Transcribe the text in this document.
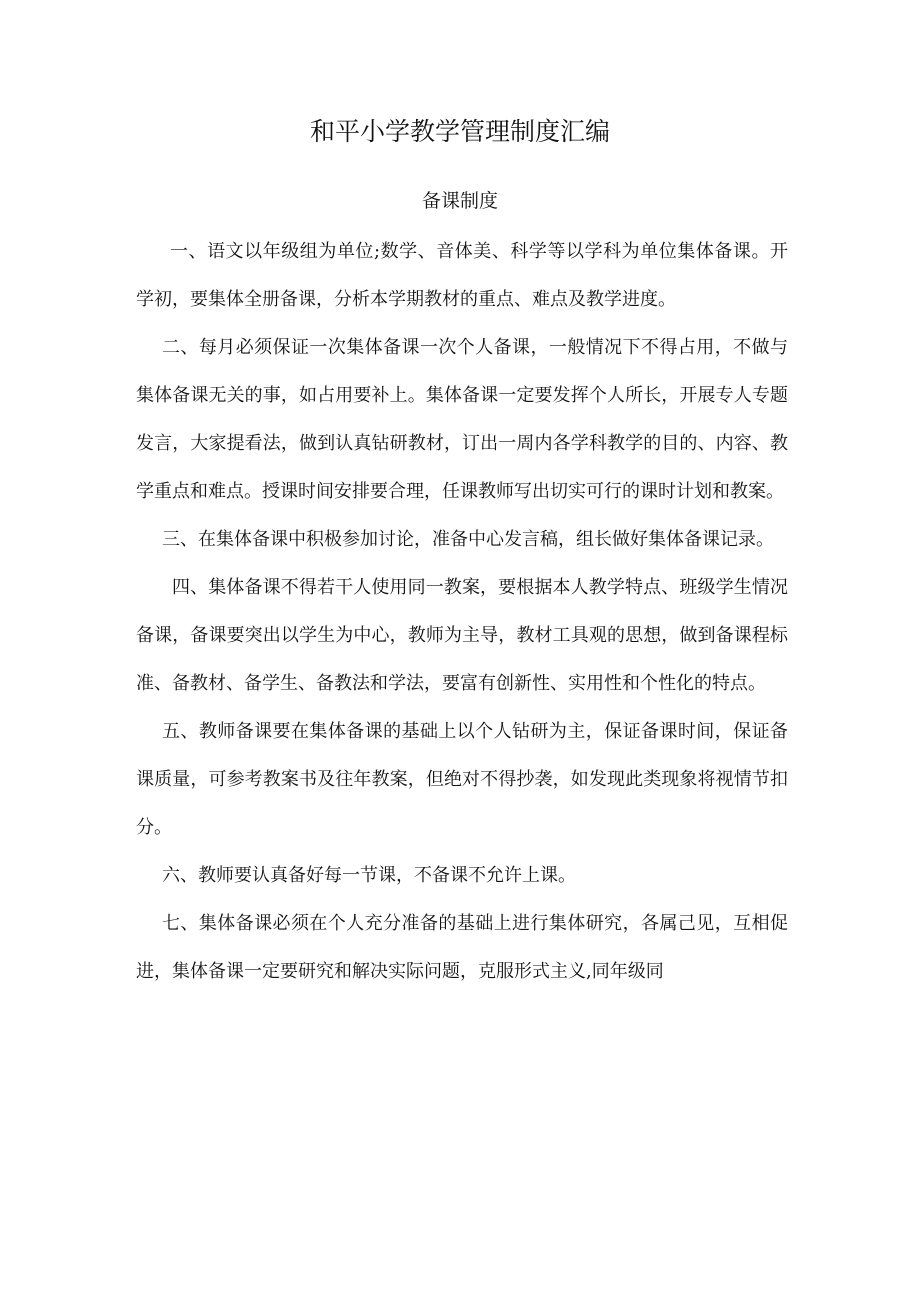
和平小学教学管理制度汇编
备课制度

一、语文以年级组为单位;数学、音体美、科学等以学科为单位集体备课。开学初，要集体全册备课，分析本学期教材的重点、难点及教学进度。

二、每月必须保证一次集体备课一次个人备课，一般情况下不得占用，不做与集体备课无关的事，如占用要补上。集体备课一定要发挥个人所长，开展专人专题发言，大家提看法，做到认真钻研教材，订出一周内各学科教学的目的、内容、教学重点和难点。授课时间安排要合理，任课教师写出切实可行的课时计划和教案。

三、在集体备课中积极参加讨论，准备中心发言稿，组长做好集体备课记录。

四、集体备课不得若干人使用同一教案，要根据本人教学特点、班级学生情况备课，备课要突出以学生为中心，教师为主导，教材工具观的思想，做到备课程标准、备教材、备学生、备教法和学法，要富有创新性、实用性和个性化的特点。

五、教师备课要在集体备课的基础上以个人钻研为主，保证备课时间，保证备课质量，可参考教案书及往年教案，但绝对不得抄袭，如发现此类现象将视情节扣分。

六、教师要认真备好每一节课，不备课不允许上课。

七、集体备课必须在个人充分准备的基础上进行集体研究，各属己见，互相促进，集体备课一定要研究和解决实际问题，克服形式主义,同年级同
